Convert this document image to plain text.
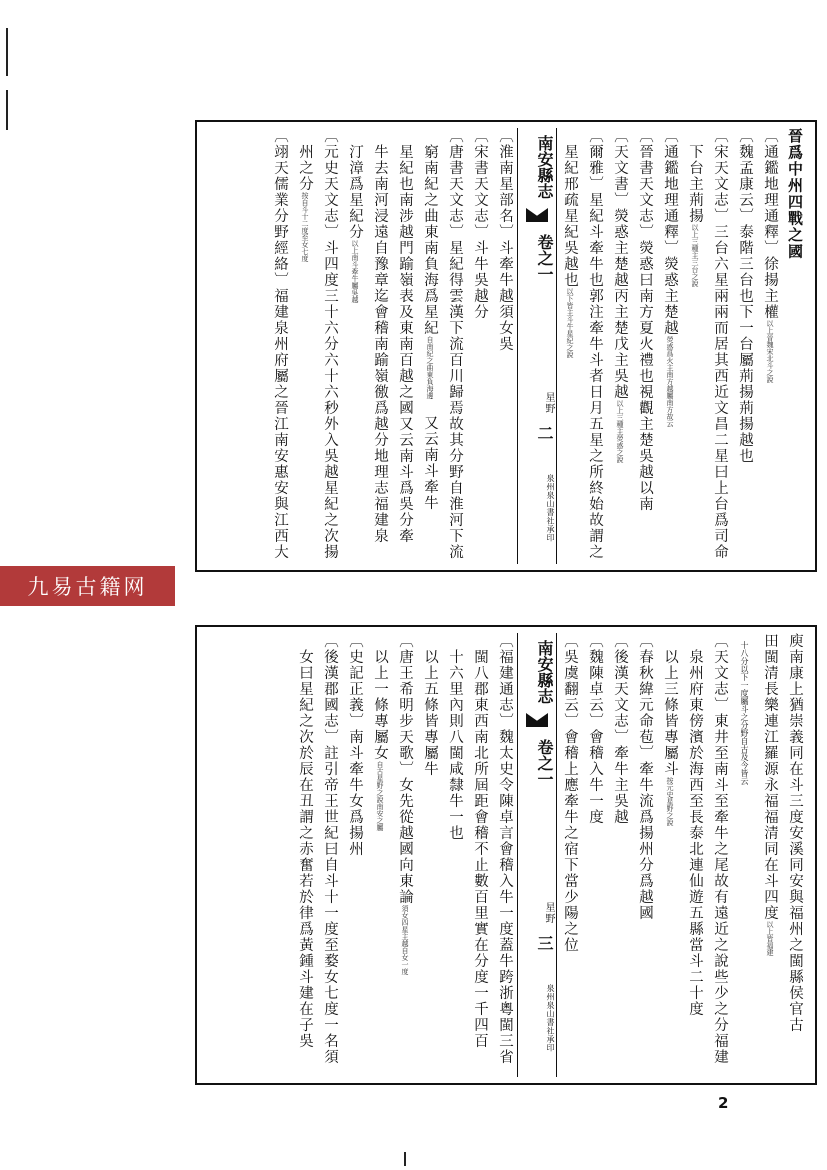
晉爲中州四戰之國
〔通鑑地理通釋〕徐揚主權以上晉魏宋北斗之說
〔魏孟康云〕泰階三台也下一台屬荊揚荊揚越也
〔宋天文志〕三台六星兩兩而居其西近文昌二星曰上台爲司命
　下台主荊揚以上三種主三台之說
〔通鑑地理通釋〕熒惑主楚越熒惑爲火主南方越屬南方故云
〔晉書天文志〕熒惑曰南方夏火禮也視觀主楚吳越以南
〔天文書〕熒惑主楚越丙主楚戊主吳越以上三種主熒惑之說
〔爾雅〕星紀斗牽牛也郭注牽牛斗者日月五星之所終始故謂之
　星紀邢疏星紀吳越也以下皆主斗牛星紀之說
南安縣志
卷之一
星野
二
泉州泉山書社承印
〔淮南星部名〕斗牽牛越須女吳
〔宋書天文志〕斗牛吳越分
〔唐書天文志〕星紀得雲漢下流百川歸焉故其分野自淮河下流
　窮南紀之曲東南負海爲星紀自南紀之曲東負海邊　又云南斗牽牛
　星紀也南涉越門踰嶺表及東南百越之國又云南斗爲吳分牽
　牛去南河浸遠自豫章迄會稽南踰嶺徼爲越分地理志福建泉
　汀漳爲星紀分以上南斗牽牛屬吳越
〔元史天文志〕斗四度三十六分六十六秒外入吳越星紀之次揚
　州之分按自斗十二度至女七度
〔翊天儒業分野經絡〕福建泉州府屬之晉江南安惠安與江西大
九易古籍网
庾南康上猶崇義同在斗三度安溪同安與福州之閩縣侯官古
田閩清長樂連江羅源永福福清同在斗四度以上皆福建
　十八分以下一度屬斗之分野自古及今皆云
〔天文志〕東井至南斗至牽牛之尾故有遠近之說些少之分福建
　泉州府東傍濱於海西至長泰北連仙遊五縣當斗二十度
　以上三條皆專屬斗按元史星野之說
〔春秋緯元命苞〕牽牛流爲揚州分爲越國
〔後漢天文志〕牽牛主吳越
〔魏陳卓云〕會稽入牛一度
〔吳虞翻云〕會稽上應牽牛之宿下當少陽之位
南安縣志
卷之一
星野
三
泉州泉山書社承印
〔福建通志〕魏太史令陳卓言會稽入牛一度蓋牛跨浙粵閩三省
　閩八郡東西南北所屆距會稽不止數百里實在分度一千四百
　十六里內則八閩咸隸牛一也
　以上五條皆專屬牛
〔唐王希明步天歌〕女先從越國向東論須女四星主越自女一度
　以上一條專屬女自古星野之說南安之屬
〔史記正義〕南斗牽牛女爲揚州
〔後漢郡國志〕註引帝王世紀曰自斗十一度至婺女七度一名須
　女曰星紀之次於辰在丑謂之赤奮若於律爲黃鍾斗建在子吳
2
